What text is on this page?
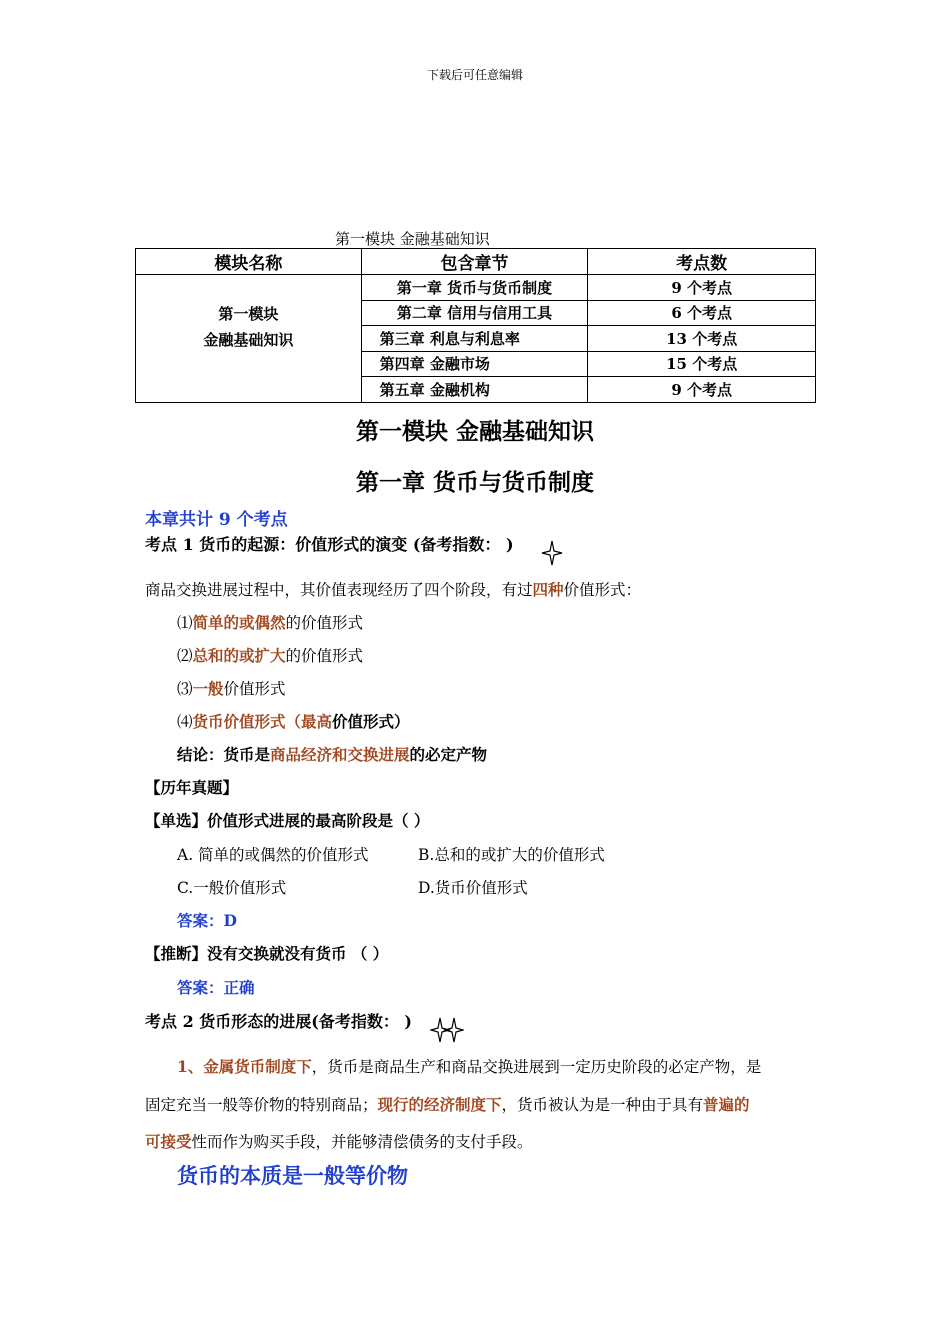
下载后可任意编辑
第一模块 金融基础知识
模块名称	包含章节	考点数

第一模块
金融基础知识	第一章 货币与货币制度	9 个考点
	第二章 信用与信用工具	6 个考点
	第三章 利息与利息率	13 个考点
	第四章 金融市场	15 个考点
	第五章 金融机构	9 个考点
第一模块 金融基础知识
第一章 货币与货币制度
本章共计 9 个考点
考点 1 货币的起源：价值形式的演变 (备考指数： )
商品交换进展过程中，其价值表现经历了四个阶段，有过四种价值形式：
⑴简单的或偶然的价值形式
⑵总和的或扩大的价值形式
⑶一般价值形式
⑷货币价值形式（最高价值形式）
结论：货币是商品经济和交换进展的必定产物
【历年真题】
【单选】价值形式进展的最高阶段是（ ）
A. 简单的或偶然的价值形式	B.总和的或扩大的价值形式
C.一般价值形式	D.货币价值形式
答案：D
【推断】没有交换就没有货币 （ ）
答案：正确
考点 2 货币形态的进展(备考指数： )
1、金属货币制度下，货币是商品生产和商品交换进展到一定历史阶段的必定产物，是
固定充当一般等价物的特别商品；现行的经济制度下，货币被认为是一种由于具有普遍的
可接受性而作为购买手段，并能够清偿债务的支付手段。
货币的本质是一般等价物
